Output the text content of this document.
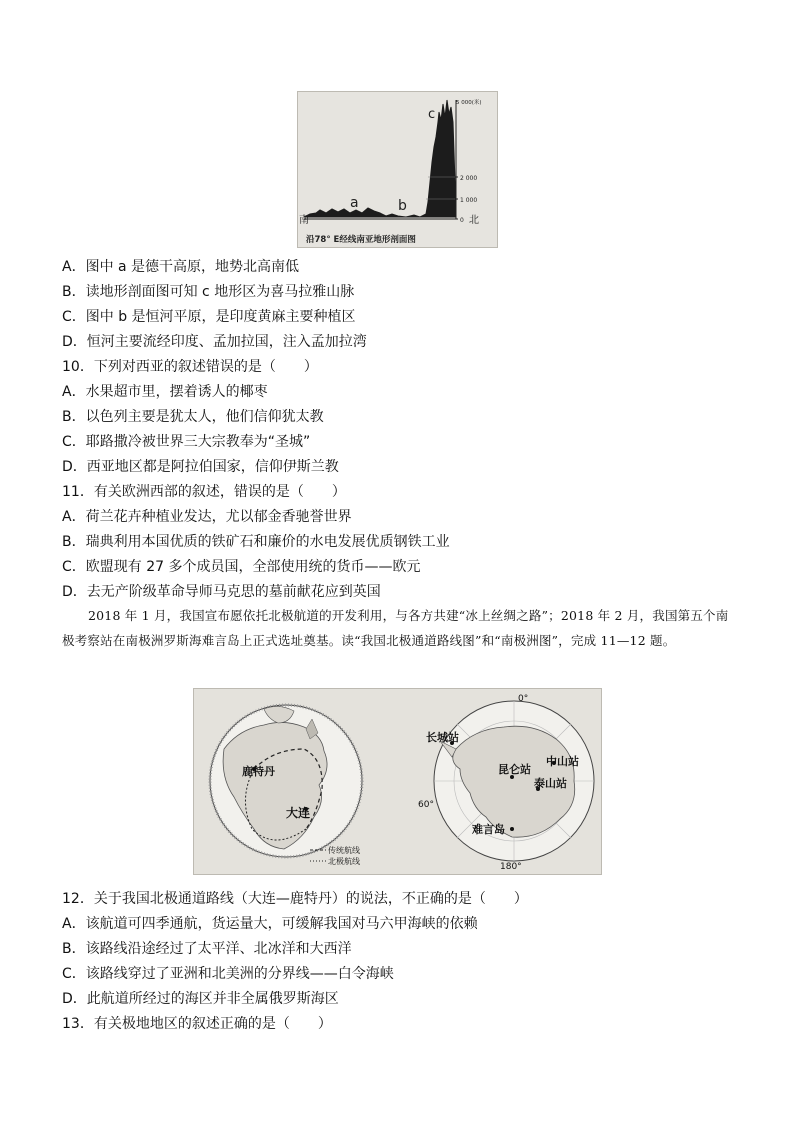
c
a	b
南	北
5 000(米)
2 000
1 000
0
沿78° E经线南亚地形剖面图
A．图中 a 是德干高原，地势北高南低
B．读地形剖面图可知 c 地形区为喜马拉雅山脉
C．图中 b 是恒河平原，是印度黄麻主要种植区
D．恒河主要流经印度、孟加拉国，注入孟加拉湾
10．下列对西亚的叙述错误的是（　　）
A．水果超市里，摆着诱人的椰枣
B．以色列主要是犹太人，他们信仰犹太教
C．耶路撒冷被世界三大宗教奉为“圣城”
D．西亚地区都是阿拉伯国家，信仰伊斯兰教
11．有关欧洲西部的叙述，错误的是（　　）
A．荷兰花卉种植业发达，尤以郁金香驰誉世界
B．瑞典利用本国优质的铁矿石和廉价的水电发展优质钢铁工业
C．欧盟现有 27 多个成员国，全部使用统的货币——欧元
D．去无产阶级革命导师马克思的墓前献花应到英国
2018 年 1 月，我国宣布愿依托北极航道的开发利用，与各方共建“冰上丝绸之路”；2018 年 2 月，我国第五个南极考察站在南极洲罗斯海难言岛上正式选址奠基。读“我国北极通道路线图”和“南极洲图”，完成 11—12 题。
鹿特丹
大连
传统航线
北极航线
0°
长城站
昆仑站
中山站
泰山站
难言岛
60°
180°
12．关于我国北极通道路线（大连—鹿特丹）的说法，不正确的是（　　）
A．该航道可四季通航，货运量大，可缓解我国对马六甲海峡的依赖
B．该路线沿途经过了太平洋、北冰洋和大西洋
C．该路线穿过了亚洲和北美洲的分界线——白令海峡
D．此航道所经过的海区并非全属俄罗斯海区
13．有关极地地区的叙述正确的是（　　）
